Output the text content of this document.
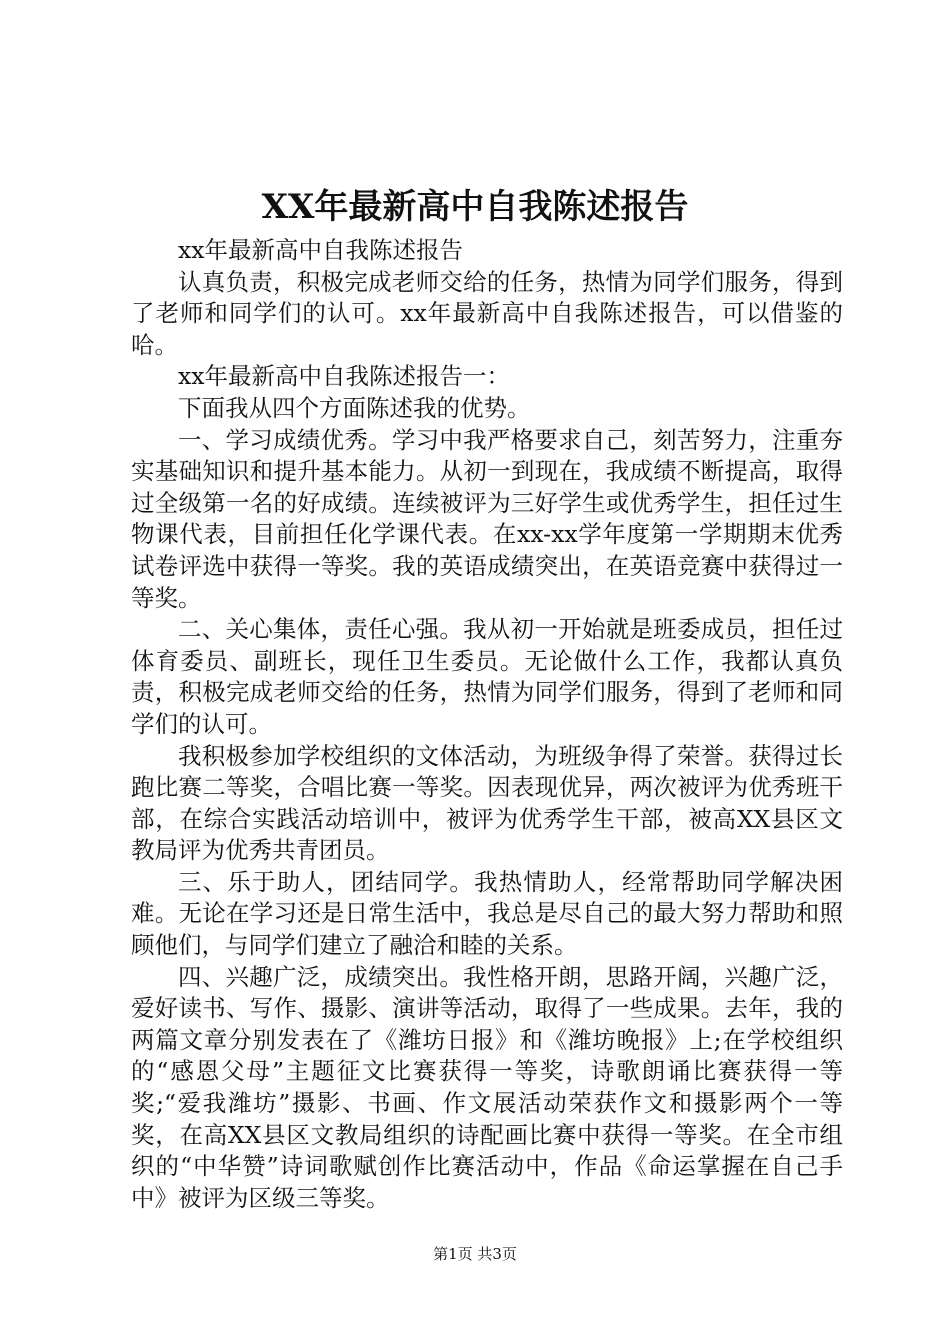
XX年最新高中自我陈述报告

xx年最新高中自我陈述报告

认真负责，积极完成老师交给的任务，热情为同学们服务，得到了老师和同学们的认可。xx年最新高中自我陈述报告，可以借鉴的哈。

xx年最新高中自我陈述报告一：

下面我从四个方面陈述我的优势。

一、学习成绩优秀。学习中我严格要求自己，刻苦努力，注重夯实基础知识和提升基本能力。从初一到现在，我成绩不断提高，取得过全级第一名的好成绩。连续被评为三好学生或优秀学生，担任过生物课代表，目前担任化学课代表。在xx-xx学年度第一学期期末优秀试卷评选中获得一等奖。我的英语成绩突出，在英语竞赛中获得过一等奖。

二、关心集体，责任心强。我从初一开始就是班委成员，担任过体育委员、副班长，现任卫生委员。无论做什么工作，我都认真负责，积极完成老师交给的任务，热情为同学们服务，得到了老师和同学们的认可。

我积极参加学校组织的文体活动，为班级争得了荣誉。获得过长跑比赛二等奖，合唱比赛一等奖。因表现优异，两次被评为优秀班干部，在综合实践活动培训中，被评为优秀学生干部，被高XX县区文教局评为优秀共青团员。

三、乐于助人，团结同学。我热情助人，经常帮助同学解决困难。无论在学习还是日常生活中，我总是尽自己的最大努力帮助和照顾他们，与同学们建立了融洽和睦的关系。

四、兴趣广泛，成绩突出。我性格开朗，思路开阔，兴趣广泛，爱好读书、写作、摄影、演讲等活动，取得了一些成果。去年，我的两篇文章分别发表在了《潍坊日报》和《潍坊晚报》上;在学校组织的“感恩父母”主题征文比赛获得一等奖，诗歌朗诵比赛获得一等奖;“爱我潍坊”摄影、书画、作文展活动荣获作文和摄影两个一等奖，在高XX县区文教局组织的诗配画比赛中获得一等奖。在全市组织的“中华赞”诗词歌赋创作比赛活动中，作品《命运掌握在自己手中》被评为区级三等奖。

第1页 共3页
